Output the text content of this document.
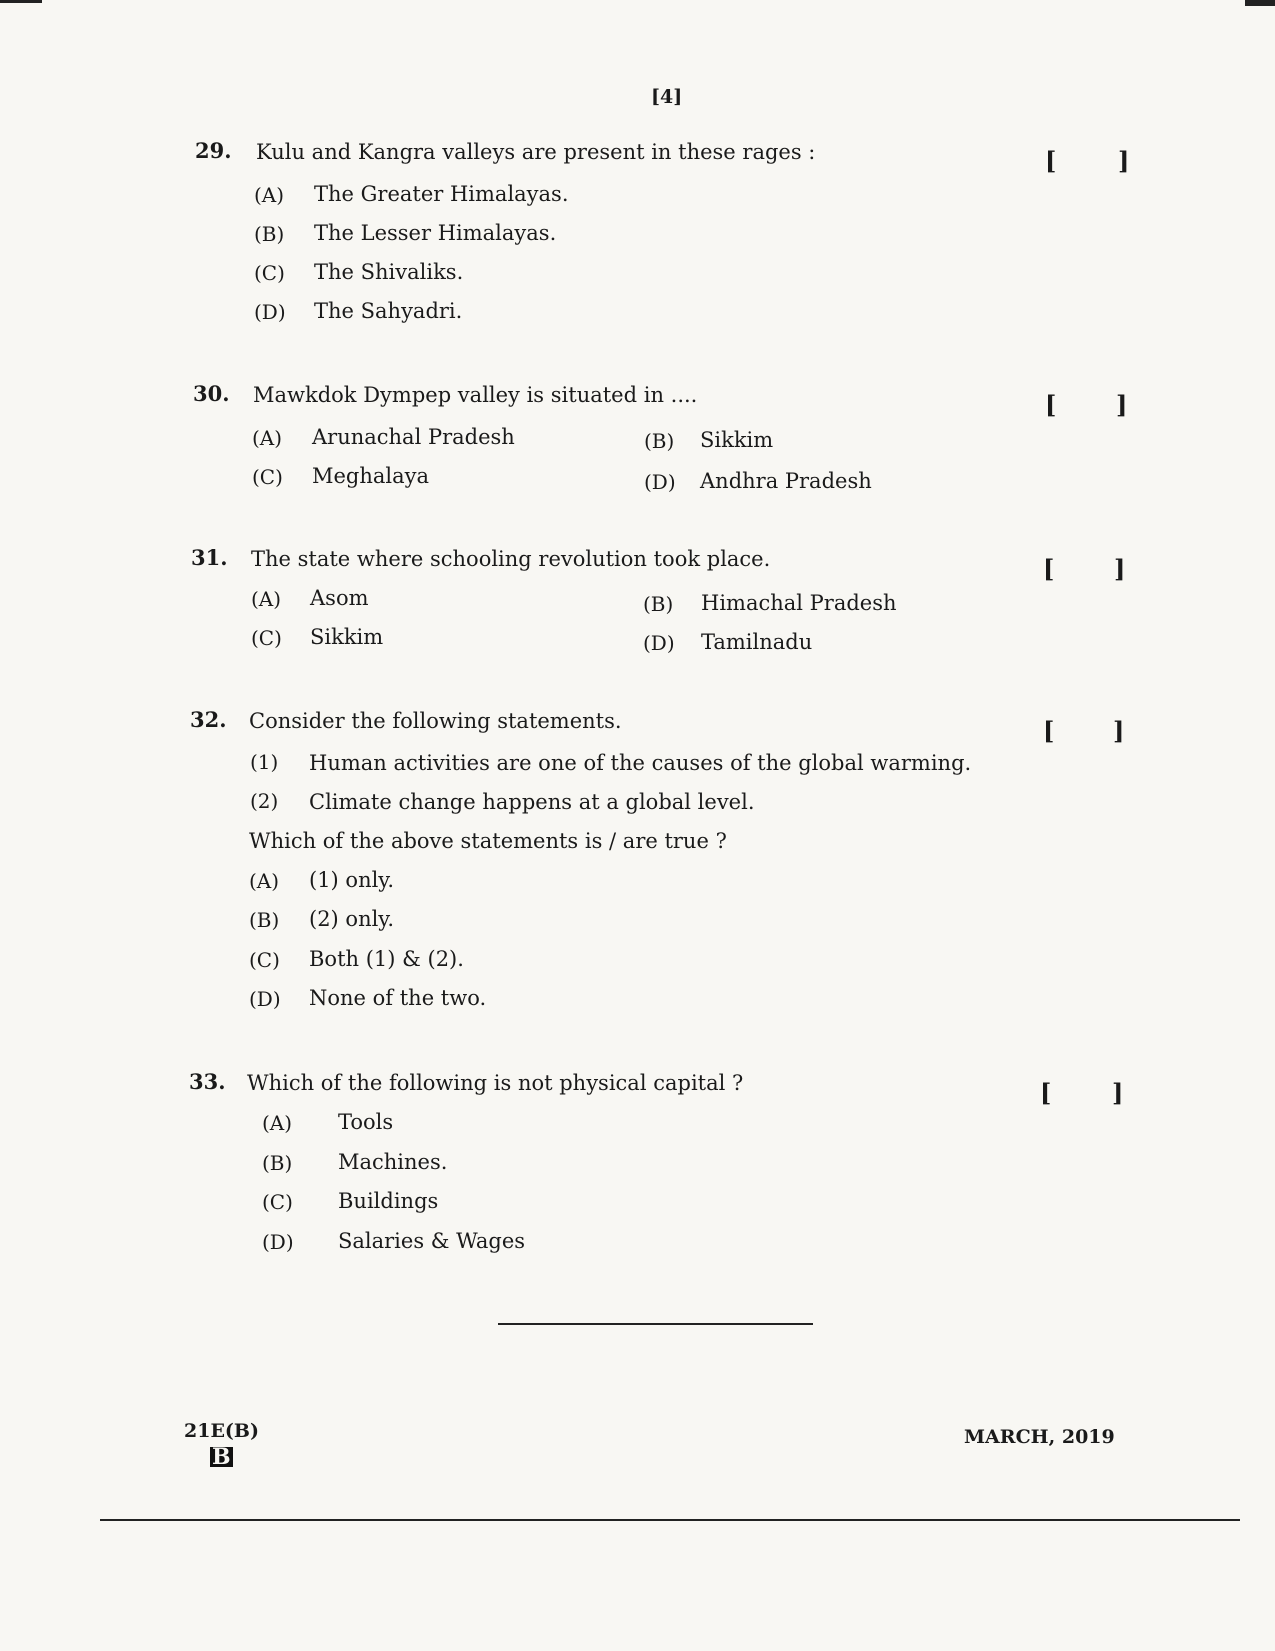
[4]
29. Kulu and Kangra valleys are present in these rages :	[	]
(A) The Greater Himalayas.
(B) The Lesser Himalayas.
(C) The Shivaliks.
(D) The Sahyadri.
30. Mawkdok Dympep valley is situated in ....	[ ]
(A) Arunachal Pradesh	(B) Sikkim
(C) Meghalaya	(D) Andhra Pradesh
31. The state where schooling revolution took place.	[ ]
(A) Asom	(B) Himachal Pradesh
(C) Sikkim	(D) Tamilnadu
32. Consider the following statements.	[ ]
(1) Human activities are one of the causes of the global warming.
(2) Climate change happens at a global level.
Which of the above statements is / are true ?
(A) (1) only.
(B) (2) only.
(C) Both (1) & (2).
(D) None of the two.
33. Which of the following is not physical capital ?	[	]
(A) Tools
(B) Machines.
(C) Buildings
(D) Salaries & Wages
21E(B)
B
MARCH, 2019
